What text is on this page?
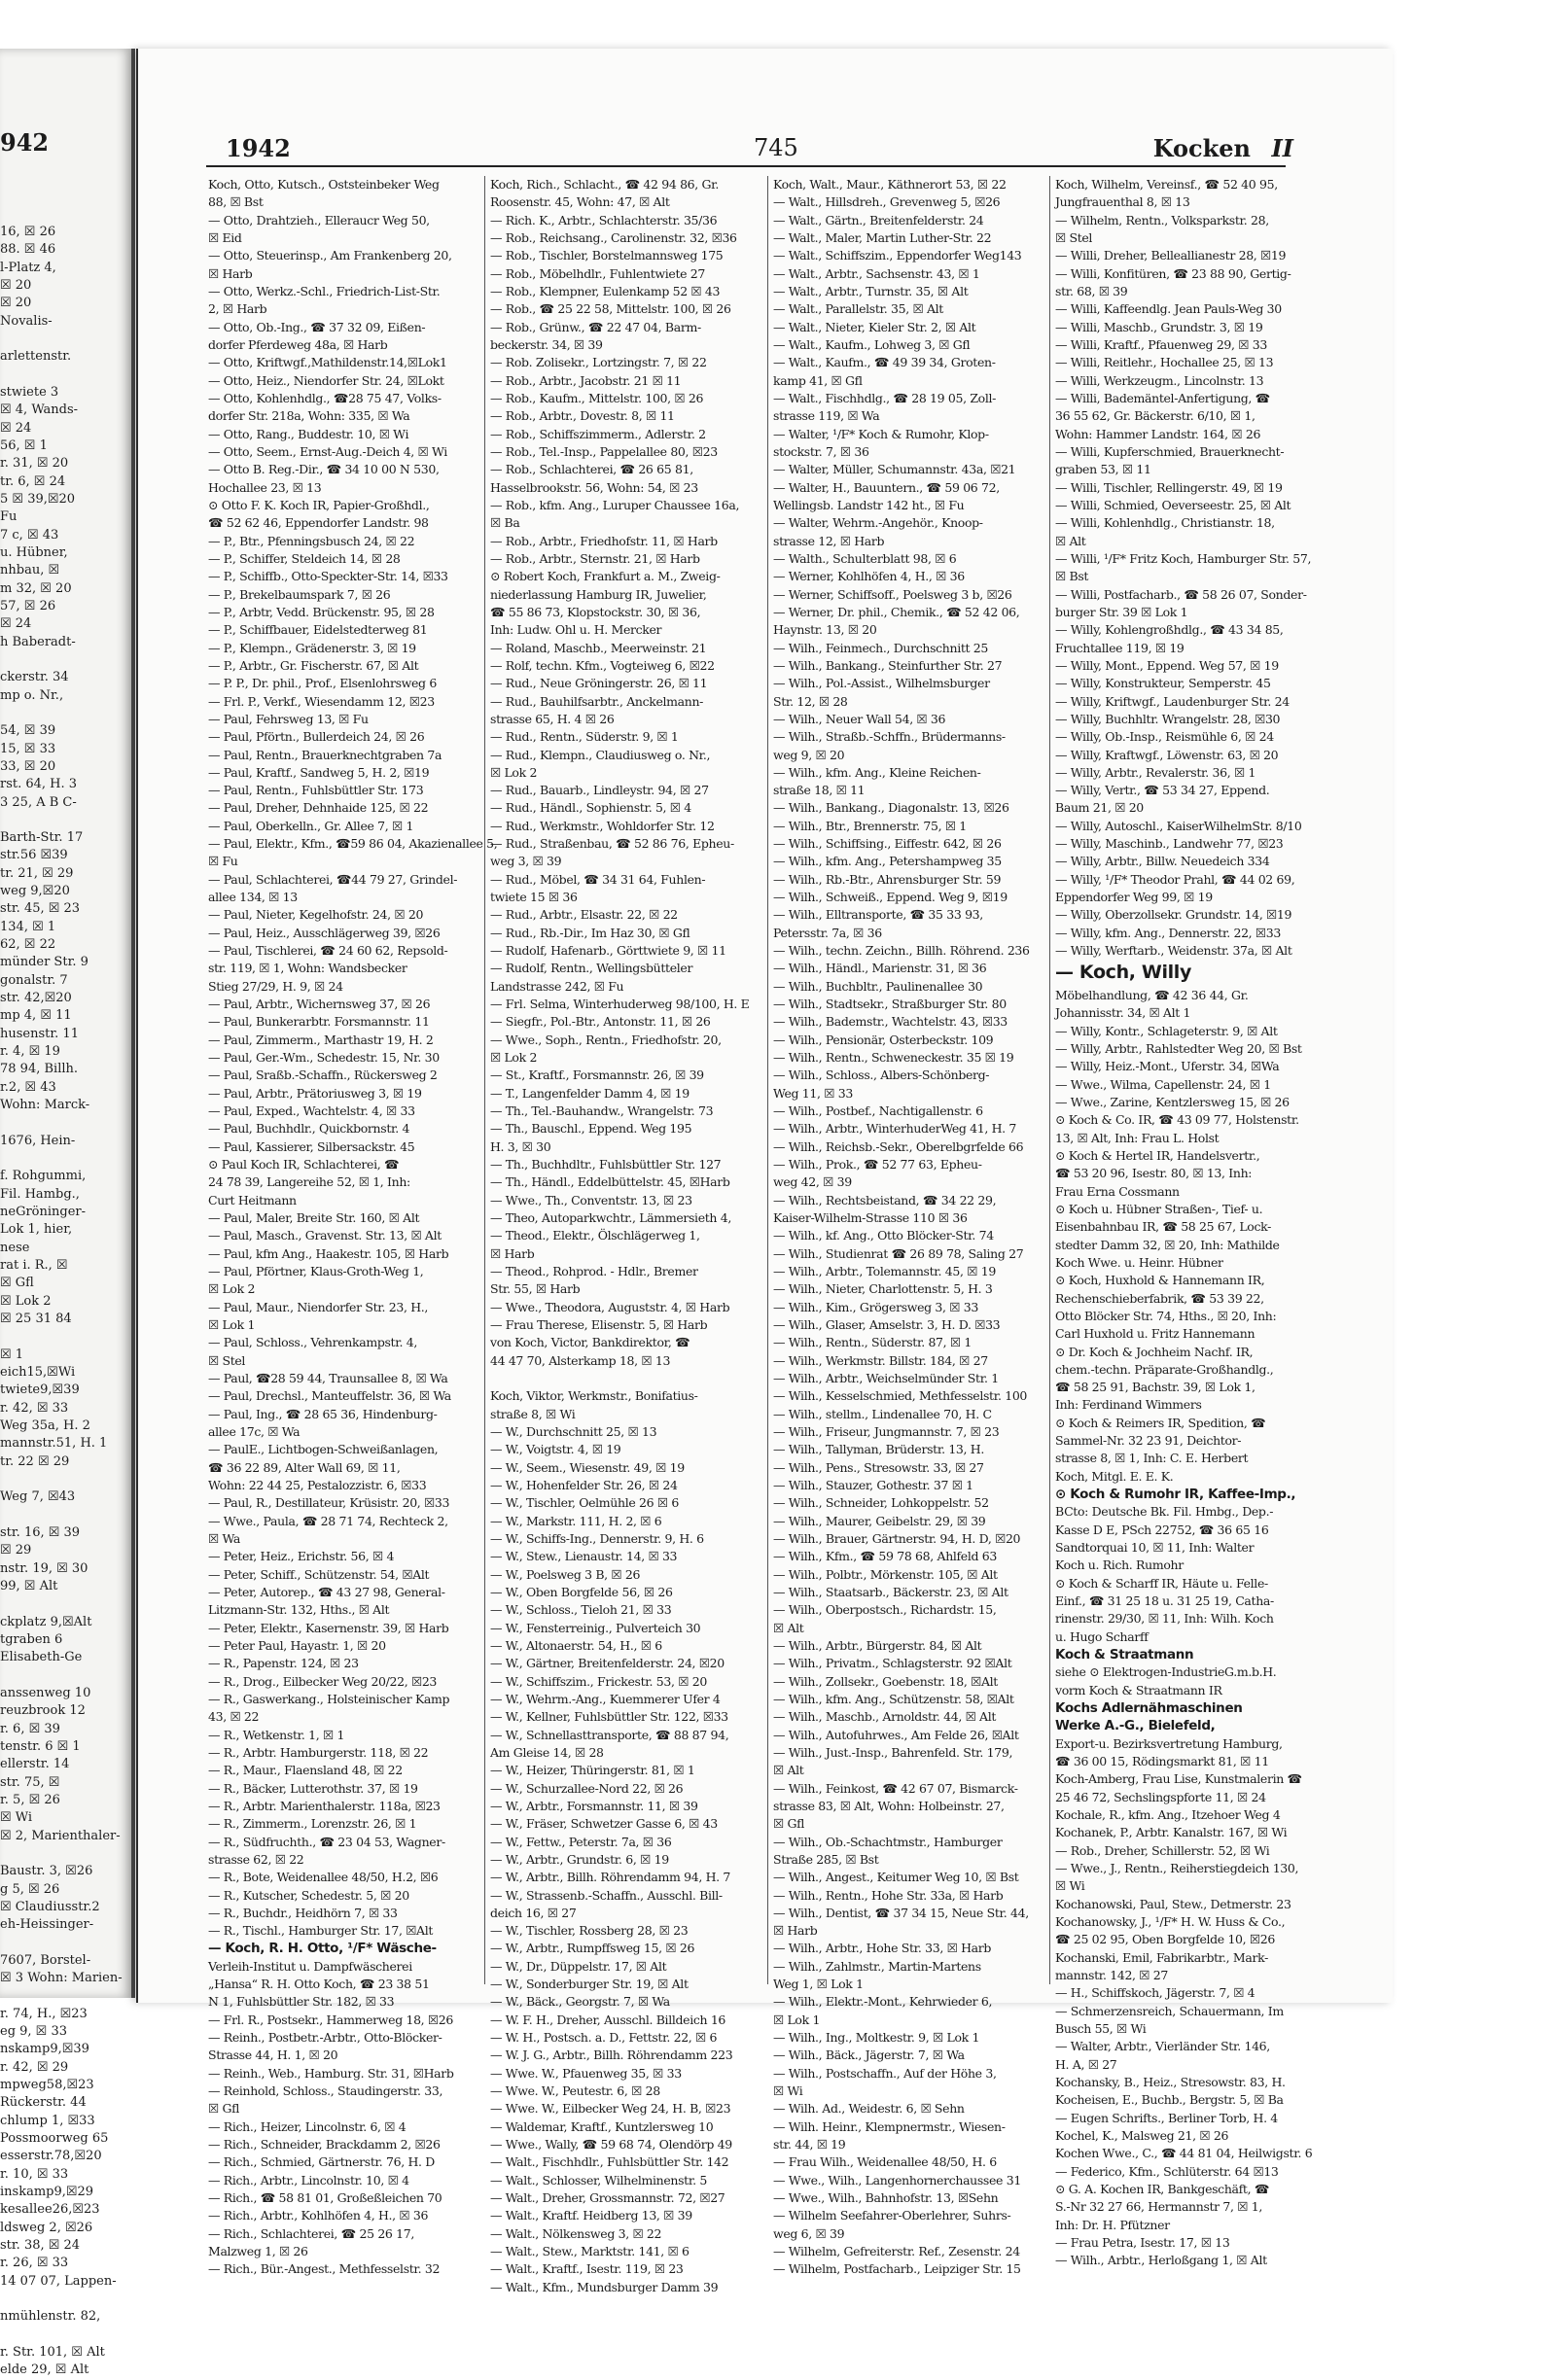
942
16, ☒ 26
88. ☒ 46
l-Platz 4,
☒ 20
☒ 20
Novalis-
arlettenstr.
stwiete 3
☒ 4, Wands-
☒ 24
56, ☒ 1
r. 31, ☒ 20
tr. 6, ☒ 24
5 ☒ 39,☒20
Fu
7 c, ☒ 43
u. Hübner,
nhbau, ☒
m 32, ☒ 20
57, ☒ 26
☒ 24
h Baberadt-
ckerstr. 34
mp o. Nr.,
54, ☒ 39
15, ☒ 33
33, ☒ 20
rst. 64, H. 3
3 25, A B C-
Barth-Str. 17
str.56 ☒39
tr. 21, ☒ 29
weg 9,☒20
str. 45, ☒ 23
134, ☒ 1
62, ☒ 22
münder Str. 9
gonalstr. 7
str. 42,☒20
mp 4, ☒ 11
husenstr. 11
r. 4, ☒ 19
78 94, Billh.
r.2, ☒ 43
Wohn: Marck-
1676, Hein-
f. Rohgummi,
Fil. Hambg.,
neGröninger-
Lok 1, hier,
nese
rat i. R., ☒
☒ Gfl
☒ Lok 2
☒ 25 31 84
☒ 1
eich15,☒Wi
twiete9,☒39
r. 42, ☒ 33
Weg 35a, H. 2
mannstr.51, H. 1
tr. 22 ☒ 29
Weg 7, ☒43
str. 16, ☒ 39
☒ 29
nstr. 19, ☒ 30
99, ☒ Alt
ckplatz 9,☒Alt
tgraben 6
Elisabeth-Ge
anssenweg 10
reuzbrook 12
r. 6, ☒ 39
tenstr. 6 ☒ 1
ellerstr. 14
str. 75, ☒
r. 5, ☒ 26
☒ Wi
☒ 2, Marienthaler-
Baustr. 3, ☒26
g 5, ☒ 26
☒ Claudiusstr.2
eh-Heissinger-
7607, Borstel-
☒ 3 Wohn: Marien-
r. 74, H., ☒23
eg 9, ☒ 33
nskamp9,☒39
r. 42, ☒ 29
mpweg58,☒23
Rückerstr. 44
chlump 1, ☒33
Possmoorweg 65
esserstr.78,☒20
r. 10, ☒ 33
inskamp9,☒29
kesallee26,☒23
ldsweg 2, ☒26
str. 38, ☒ 24
r. 26, ☒ 33
14 07 07, Lappen-
nmühlenstr. 82,
r. Str. 101, ☒ Alt
elde 29, ☒ Alt
1942	745	Kocken II
Koch, Otto, Kutsch., Oststeinbeker Weg
88, ☒ Bst
— Otto, Drahtzieh., Elleraucr Weg 50,
☒ Eid
— Otto, Steuerinsp., Am Frankenberg 20,
☒ Harb
— Otto, Werkz.-Schl., Friedrich-List-Str.
2, ☒ Harb
— Otto, Ob.-Ing., ☎ 37 32 09, Eißen-
dorfer Pferdeweg 48a, ☒ Harb
— Otto, Kriftwgf.,Mathildenstr.14,☒Lok1
— Otto, Heiz., Niendorfer Str. 24, ☒Lokt
— Otto, Kohlenhdlg., ☎28 75 47, Volks-
dorfer Str. 218a, Wohn: 335, ☒ Wa
— Otto, Rang., Buddestr. 10, ☒ Wi
— Otto, Seem., Ernst-Aug.-Deich 4, ☒ Wi
— Otto B. Reg.-Dir., ☎ 34 10 00 N 530,
Hochallee 23, ☒ 13
⊙ Otto F. K. Koch IR, Papier-Großhdl.,
☎ 52 62 46, Eppendorfer Landstr. 98
— P., Btr., Pfenningsbusch 24, ☒ 22
— P., Schiffer, Steldeich 14, ☒ 28
— P., Schiffb., Otto-Speckter-Str. 14, ☒33
— P., Brekelbaumspark 7, ☒ 26
— P., Arbtr, Vedd. Brückenstr. 95, ☒ 28
— P., Schiffbauer, Eidelstedterweg 81
— P., Klempn., Grädenerstr. 3, ☒ 19
— P., Arbtr., Gr. Fischerstr. 67, ☒ Alt
— P. P., Dr. phil., Prof., Elsenlohrsweg 6
— Frl. P., Verkf., Wiesendamm 12, ☒23
— Paul, Fehrsweg 13, ☒ Fu
— Paul, Pförtn., Bullerdeich 24, ☒ 26
— Paul, Rentn., Brauerknechtgraben 7a
— Paul, Kraftf., Sandweg 5, H. 2, ☒19
— Paul, Rentn., Fuhlsbüttler Str. 173
— Paul, Dreher, Dehnhaide 125, ☒ 22
— Paul, Oberkelln., Gr. Allee 7, ☒ 1
— Paul, Elektr., Kfm., ☎59 86 04, Akazienallee 5,
☒ Fu
— Paul, Schlachterei, ☎44 79 27, Grindel-
allee 134, ☒ 13
— Paul, Nieter, Kegelhofstr. 24, ☒ 20
— Paul, Heiz., Ausschlägerweg 39, ☒26
— Paul, Tischlerei, ☎ 24 60 62, Repsold-
str. 119, ☒ 1, Wohn: Wandsbecker
Stieg 27/29, H. 9, ☒ 24
— Paul, Arbtr., Wichernsweg 37, ☒ 26
— Paul, Bunkerarbtr. Forsmannstr. 11
— Paul, Zimmerm., Marthastr 19, H. 2
— Paul, Ger.-Wm., Schedestr. 15, Nr. 30
— Paul, Sraßb.-Schaffn., Rückersweg 2
— Paul, Arbtr., Prätoriusweg 3, ☒ 19
— Paul, Exped., Wachtelstr. 4, ☒ 33
— Paul, Buchhdlr., Quickbornstr. 4
— Paul, Kassierer, Silbersackstr. 45
⊙ Paul Koch IR, Schlachterei, ☎
24 78 39, Langereihe 52, ☒ 1, Inh:
Curt Heitmann
— Paul, Maler, Breite Str. 160, ☒ Alt
— Paul, Masch., Gravenst. Str. 13, ☒ Alt
— Paul, kfm Ang., Haakestr. 105, ☒ Harb
— Paul, Pförtner, Klaus-Groth-Weg 1,
☒ Lok 2
— Paul, Maur., Niendorfer Str. 23, H.,
☒ Lok 1
— Paul, Schloss., Vehrenkampstr. 4,
☒ Stel
— Paul, ☎28 59 44, Traunsallee 8, ☒ Wa
— Paul, Drechsl., Manteuffelstr. 36, ☒ Wa
— Paul, Ing., ☎ 28 65 36, Hindenburg-
allee 17c, ☒ Wa
— PaulE., Lichtbogen-Schweißanlagen,
☎ 36 22 89, Alter Wall 69, ☒ 11,
Wohn: 22 44 25, Pestalozzistr. 6, ☒33
— Paul, R., Destillateur, Krüsistr. 20, ☒33
— Wwe., Paula, ☎ 28 71 74, Rechteck 2,
☒ Wa
— Peter, Heiz., Erichstr. 56, ☒ 4
— Peter, Schiff., Schützenstr. 54, ☒Alt
— Peter, Autorep., ☎ 43 27 98, General-
Litzmann-Str. 132, Hths., ☒ Alt
— Peter, Elektr., Kasernenstr. 39, ☒ Harb
— Peter Paul, Hayastr. 1, ☒ 20
— R., Papenstr. 124, ☒ 23
— R., Drog., Eilbecker Weg 20/22, ☒23
— R., Gaswerkang., Holsteinischer Kamp
43, ☒ 22
— R., Wetkenstr. 1, ☒ 1
— R., Arbtr. Hamburgerstr. 118, ☒ 22
— R., Maur., Flaensland 48, ☒ 22
— R., Bäcker, Lutterothstr. 37, ☒ 19
— R., Arbtr. Marienthalerstr. 118a, ☒23
— R., Zimmerm., Lorenzstr. 26, ☒ 1
— R., Südfruchth., ☎ 23 04 53, Wagner-
strasse 62, ☒ 22
— R., Bote, Weidenallee 48/50, H.2, ☒6
— R., Kutscher, Schedestr. 5, ☒ 20
— R., Buchdr., Heidhörn 7, ☒ 33
— R., Tischl., Hamburger Str. 17, ☒Alt
— Koch, R. H. Otto, ¹/F* Wäsche-
Verleih-Institut u. Dampfwäscherei
„Hansa“ R. H. Otto Koch, ☎ 23 38 51
N 1, Fuhlsbüttler Str. 182, ☒ 33
— Frl. R., Postsekr., Hammerweg 18, ☒26
— Reinh., Postbetr.-Arbtr., Otto-Blöcker-
Strasse 44, H. 1, ☒ 20
— Reinh., Web., Hamburg. Str. 31, ☒Harb
— Reinhold, Schloss., Staudingerstr. 33,
☒ Gfl
— Rich., Heizer, Lincolnstr. 6, ☒ 4
— Rich., Schneider, Brackdamm 2, ☒26
— Rich., Schmied, Gärtnerstr. 76, H. D
— Rich., Arbtr., Lincolnstr. 10, ☒ 4
— Rich., ☎ 58 81 01, Großeßleichen 70
— Rich., Arbtr., Kohlhöfen 4, H., ☒ 36
— Rich., Schlachterei, ☎ 25 26 17,
Malzweg 1, ☒ 26
— Rich., Bür.-Angest., Methfesselstr. 32
Koch, Rich., Schlacht., ☎ 42 94 86, Gr.
Roosenstr. 45, Wohn: 47, ☒ Alt
— Rich. K., Arbtr., Schlachterstr. 35/36
— Rob., Reichsang., Carolinenstr. 32, ☒36
— Rob., Tischler, Borstelmannsweg 175
— Rob., Möbelhdlr., Fuhlentwiete 27
— Rob., Klempner, Eulenkamp 52 ☒ 43
— Rob., ☎ 25 22 58, Mittelstr. 100, ☒ 26
— Rob., Grünw., ☎ 22 47 04, Barm-
beckerstr. 34, ☒ 39
— Rob. Zolisekr., Lortzingstr. 7, ☒ 22
— Rob., Arbtr., Jacobstr. 21 ☒ 11
— Rob., Kaufm., Mittelstr. 100, ☒ 26
— Rob., Arbtr., Dovestr. 8, ☒ 11
— Rob., Schiffszimmerm., Adlerstr. 2
— Rob., Tel.-Insp., Pappelallee 80, ☒23
— Rob., Schlachterei, ☎ 26 65 81,
Hasselbrookstr. 56, Wohn: 54, ☒ 23
— Rob., kfm. Ang., Luruper Chaussee 16a,
☒ Ba
— Rob., Arbtr., Friedhofstr. 11, ☒ Harb
— Rob., Arbtr., Sternstr. 21, ☒ Harb
⊙ Robert Koch, Frankfurt a. M., Zweig-
niederlassung Hamburg IR, Juwelier,
☎ 55 86 73, Klopstockstr. 30, ☒ 36,
Inh: Ludw. Ohl u. H. Mercker
— Roland, Maschb., Meerweinstr. 21
— Rolf, techn. Kfm., Vogteiweg 6, ☒22
— Rud., Neue Gröningerstr. 26, ☒ 11
— Rud., Bauhilfsarbtr., Anckelmann-
strasse 65, H. 4 ☒ 26
— Rud., Rentn., Süderstr. 9, ☒ 1
— Rud., Klempn., Claudiusweg o. Nr.,
☒ Lok 2
— Rud., Bauarb., Lindleystr. 94, ☒ 27
— Rud., Händl., Sophienstr. 5, ☒ 4
— Rud., Werkmstr., Wohldorfer Str. 12
— Rud., Straßenbau, ☎ 52 86 76, Epheu-
weg 3, ☒ 39
— Rud., Möbel, ☎ 34 31 64, Fuhlen-
twiete 15 ☒ 36
— Rud., Arbtr., Elsastr. 22, ☒ 22
— Rud., Rb.-Dir., Im Haz 30, ☒ Gfl
— Rudolf, Hafenarb., Görttwiete 9, ☒ 11
— Rudolf, Rentn., Wellingsbütteler
Landstrasse 242, ☒ Fu
— Frl. Selma, Winterhuderweg 98/100, H. E
— Siegfr., Pol.-Btr., Antonstr. 11, ☒ 26
— Wwe., Soph., Rentn., Friedhofstr. 20,
☒ Lok 2
— St., Kraftf., Forsmannstr. 26, ☒ 39
— T., Langenfelder Damm 4, ☒ 19
— Th., Tel.-Bauhandw., Wrangelstr. 73
— Th., Bauschl., Eppend. Weg 195
H. 3, ☒ 30
— Th., Buchhdltr., Fuhlsbüttler Str. 127
— Th., Händl., Eddelbüttelstr. 45, ☒Harb
— Wwe., Th., Conventstr. 13, ☒ 23
— Theo, Autoparkwchtr., Lämmersieth 4,
— Theod., Elektr., Ölschlägerweg 1,
☒ Harb
— Theod., Rohprod. - Hdlr., Bremer
Str. 55, ☒ Harb
— Wwe., Theodora, Auguststr. 4, ☒ Harb
— Frau Therese, Elisenstr. 5, ☒ Harb
von Koch, Victor, Bankdirektor, ☎
44 47 70, Alsterkamp 18, ☒ 13
Koch, Viktor, Werkmstr., Bonifatius-
straße 8, ☒ Wi
— W., Durchschnitt 25, ☒ 13
— W., Voigtstr. 4, ☒ 19
— W., Seem., Wiesenstr. 49, ☒ 19
— W., Hohenfelder Str. 26, ☒ 24
— W., Tischler, Oelmühle 26 ☒ 6
— W., Markstr. 111, H. 2, ☒ 6
— W., Schiffs-Ing., Dennerstr. 9, H. 6
— W., Stew., Lienaustr. 14, ☒ 33
— W., Poelsweg 3 B, ☒ 26
— W., Oben Borgfelde 56, ☒ 26
— W., Schloss., Tieloh 21, ☒ 33
— W., Fensterreinig., Pulverteich 30
— W., Altonaerstr. 54, H., ☒ 6
— W., Gärtner, Breitenfelderstr. 24, ☒20
— W., Schiffszim., Frickestr. 53, ☒ 20
— W., Wehrm.-Ang., Kuemmerer Ufer 4
— W., Kellner, Fuhlsbüttler Str. 122, ☒33
— W., Schnellasttransporte, ☎ 88 87 94,
Am Gleise 14, ☒ 28
— W., Heizer, Thüringerstr. 81, ☒ 1
— W., Schurzallee-Nord 22, ☒ 26
— W., Arbtr., Forsmannstr. 11, ☒ 39
— W., Fräser, Schwetzer Gasse 6, ☒ 43
— W., Fettw., Peterstr. 7a, ☒ 36
— W., Arbtr., Grundstr. 6, ☒ 19
— W., Arbtr., Billh. Röhrendamm 94, H. 7
— W., Strassenb.-Schaffn., Ausschl. Bill-
deich 16, ☒ 27
— W., Tischler, Rossberg 28, ☒ 23
— W., Arbtr., Rumpffsweg 15, ☒ 26
— W., Dr., Düppelstr. 17, ☒ Alt
— W., Sonderburger Str. 19, ☒ Alt
— W., Bäck., Georgstr. 7, ☒ Wa
— W. F. H., Dreher, Ausschl. Billdeich 16
— W. H., Postsch. a. D., Fettstr. 22, ☒ 6
— W. J. G., Arbtr., Billh. Röhrendamm 223
— Wwe. W., Pfauenweg 35, ☒ 33
— Wwe. W., Peutestr. 6, ☒ 28
— Wwe. W., Eilbecker Weg 24, H. B, ☒23
— Waldemar, Kraftf., Kuntzlersweg 10
— Wwe., Wally, ☎ 59 68 74, Olendörp 49
— Walt., Fischhdlr., Fuhlsbüttler Str. 142
— Walt., Schlosser, Wilhelminenstr. 5
— Walt., Dreher, Grossmannstr. 72, ☒27
— Walt., Kraftf. Heidberg 13, ☒ 39
— Walt., Nölkensweg 3, ☒ 22
— Walt., Stew., Marktstr. 141, ☒ 6
— Walt., Kraftf., Isestr. 119, ☒ 23
— Walt., Kfm., Mundsburger Damm 39
Koch, Walt., Maur., Käthnerort 53, ☒ 22
— Walt., Hillsdreh., Grevenweg 5, ☒26
— Walt., Gärtn., Breitenfelderstr. 24
— Walt., Maler, Martin Luther-Str. 22
— Walt., Schiffszim., Eppendorfer Weg143
— Walt., Arbtr., Sachsenstr. 43, ☒ 1
— Walt., Arbtr., Turnstr. 35, ☒ Alt
— Walt., Parallelstr. 35, ☒ Alt
— Walt., Nieter, Kieler Str. 2, ☒ Alt
— Walt., Kaufm., Lohweg 3, ☒ Gfl
— Walt., Kaufm., ☎ 49 39 34, Groten-
kamp 41, ☒ Gfl
— Walt., Fischhdlg., ☎ 28 19 05, Zoll-
strasse 119, ☒ Wa
— Walter, ¹/F* Koch & Rumohr, Klop-
stockstr. 7, ☒ 36
— Walter, Müller, Schumannstr. 43a, ☒21
— Walter, H., Bauuntern., ☎ 59 06 72,
Wellingsb. Landstr 142 ht., ☒ Fu
— Walter, Wehrm.-Angehör., Knoop-
strasse 12, ☒ Harb
— Walth., Schulterblatt 98, ☒ 6
— Werner, Kohlhöfen 4, H., ☒ 36
— Werner, Schiffsoff., Poelsweg 3 b, ☒26
— Werner, Dr. phil., Chemik., ☎ 52 42 06,
Haynstr. 13, ☒ 20
— Wilh., Feinmech., Durchschnitt 25
— Wilh., Bankang., Steinfurther Str. 27
— Wilh., Pol.-Assist., Wilhelmsburger
Str. 12, ☒ 28
— Wilh., Neuer Wall 54, ☒ 36
— Wilh., Straßb.-Schffn., Brüdermanns-
weg 9, ☒ 20
— Wilh., kfm. Ang., Kleine Reichen-
straße 18, ☒ 11
— Wilh., Bankang., Diagonalstr. 13, ☒26
— Wilh., Btr., Brennerstr. 75, ☒ 1
— Wilh., Schiffsing., Eiffestr. 642, ☒ 26
— Wilh., kfm. Ang., Petershampweg 35
— Wilh., Rb.-Btr., Ahrensburger Str. 59
— Wilh., Schweiß., Eppend. Weg 9, ☒19
— Wilh., Elltransporte, ☎ 35 33 93,
Petersstr. 7a, ☒ 36
— Wilh., techn. Zeichn., Billh. Röhrend. 236
— Wilh., Händl., Marienstr. 31, ☒ 36
— Wilh., Buchbltr., Paulinenallee 30
— Wilh., Stadtsekr., Straßburger Str. 80
— Wilh., Bademstr., Wachtelstr. 43, ☒33
— Wilh., Pensionär, Osterbeckstr. 109
— Wilh., Rentn., Schweneckestr. 35 ☒ 19
— Wilh., Schloss., Albers-Schönberg-
Weg 11, ☒ 33
— Wilh., Postbef., Nachtigallenstr. 6
— Wilh., Arbtr., WinterhuderWeg 41, H. 7
— Wilh., Reichsb.-Sekr., Oberelbgrfelde 66
— Wilh., Prok., ☎ 52 77 63, Epheu-
weg 42, ☒ 39
— Wilh., Rechtsbeistand, ☎ 34 22 29,
Kaiser-Wilhelm-Strasse 110 ☒ 36
— Wilh., kf. Ang., Otto Blöcker-Str. 74
— Wilh., Studienrat ☎ 26 89 78, Saling 27
— Wilh., Arbtr., Tolemannstr. 45, ☒ 19
— Wilh., Nieter, Charlottenstr. 5, H. 3
— Wilh., Kim., Grögersweg 3, ☒ 33
— Wilh., Glaser, Amselstr. 3, H. D. ☒33
— Wilh., Rentn., Süderstr. 87, ☒ 1
— Wilh., Werkmstr. Billstr. 184, ☒ 27
— Wilh., Arbtr., Weichselmünder Str. 1
— Wilh., Kesselschmied, Methfesselstr. 100
— Wilh., stellm., Lindenallee 70, H. C
— Wilh., Friseur, Jungmannstr. 7, ☒ 23
— Wilh., Tallyman, Brüderstr. 13, H.
— Wilh., Pens., Stresowstr. 33, ☒ 27
— Wilh., Stauzer, Gothestr. 37 ☒ 1
— Wilh., Schneider, Lohkoppelstr. 52
— Wilh., Maurer, Geibelstr. 29, ☒ 39
— Wilh., Brauer, Gärtnerstr. 94, H. D, ☒20
— Wilh., Kfm., ☎ 59 78 68, Ahlfeld 63
— Wilh., Polbtr., Mörkenstr. 105, ☒ Alt
— Wilh., Staatsarb., Bäckerstr. 23, ☒ Alt
— Wilh., Oberpostsch., Richardstr. 15,
☒ Alt
— Wilh., Arbtr., Bürgerstr. 84, ☒ Alt
— Wilh., Privatm., Schlagsterstr. 92 ☒Alt
— Wilh., Zollsekr., Goebenstr. 18, ☒Alt
— Wilh., kfm. Ang., Schützenstr. 58, ☒Alt
— Wilh., Maschb., Arnoldstr. 44, ☒ Alt
— Wilh., Autofuhrwes., Am Felde 26, ☒Alt
— Wilh., Just.-Insp., Bahrenfeld. Str. 179,
☒ Alt
— Wilh., Feinkost, ☎ 42 67 07, Bismarck-
strasse 83, ☒ Alt, Wohn: Holbeinstr. 27,
☒ Gfl
— Wilh., Ob.-Schachtmstr., Hamburger
Straße 285, ☒ Bst
— Wilh., Angest., Keitumer Weg 10, ☒ Bst
— Wilh., Rentn., Hohe Str. 33a, ☒ Harb
— Wilh., Dentist, ☎ 37 34 15, Neue Str. 44,
☒ Harb
— Wilh., Arbtr., Hohe Str. 33, ☒ Harb
— Wilh., Zahlmstr., Martin-Martens
Weg 1, ☒ Lok 1
— Wilh., Elektr.-Mont., Kehrwieder 6,
☒ Lok 1
— Wilh., Ing., Moltkestr. 9, ☒ Lok 1
— Wilh., Bäck., Jägerstr. 7, ☒ Wa
— Wilh., Postschaffn., Auf der Höhe 3,
☒ Wi
— Wilh. Ad., Weidestr. 6, ☒ Sehn
— Wilh. Heinr., Klempnermstr., Wiesen-
str. 44, ☒ 19
— Frau Wilh., Weidenallee 48/50, H. 6
— Wwe., Wilh., Langenhornerchaussee 31
— Wwe., Wilh., Bahnhofstr. 13, ☒Sehn
— Wilhelm Seefahrer-Oberlehrer, Suhrs-
weg 6, ☒ 39
— Wilhelm, Gefreiterstr. Ref., Zesenstr. 24
— Wilhelm, Postfacharb., Leipziger Str. 15
Koch, Wilhelm, Vereinsf., ☎ 52 40 95,
Jungfrauenthal 8, ☒ 13
— Wilhelm, Rentn., Volksparkstr. 28,
☒ Stel
— Willi, Dreher, Belleallianestr 28, ☒19
— Willi, Konfitüren, ☎ 23 88 90, Gertig-
str. 68, ☒ 39
— Willi, Kaffeendlg. Jean Pauls-Weg 30
— Willi, Maschb., Grundstr. 3, ☒ 19
— Willi, Kraftf., Pfauenweg 29, ☒ 33
— Willi, Reitlehr., Hochallee 25, ☒ 13
— Willi, Werkzeugm., Lincolnstr. 13
— Willi, Bademäntel-Anfertigung, ☎
36 55 62, Gr. Bäckerstr. 6/10, ☒ 1,
Wohn: Hammer Landstr. 164, ☒ 26
— Willi, Kupferschmied, Brauerknecht-
graben 53, ☒ 11
— Willi, Tischler, Rellingerstr. 49, ☒ 19
— Willi, Schmied, Oeverseestr. 25, ☒ Alt
— Willi, Kohlenhdlg., Christianstr. 18,
☒ Alt
— Willi, ¹/F* Fritz Koch, Hamburger Str. 57,
☒ Bst
— Willi, Postfacharb., ☎ 58 26 07, Sonder-
burger Str. 39 ☒ Lok 1
— Willy, Kohlengroßhdlg., ☎ 43 34 85,
Fruchtallee 119, ☒ 19
— Willy, Mont., Eppend. Weg 57, ☒ 19
— Willy, Konstrukteur, Semperstr. 45
— Willy, Kriftwgf., Laudenburger Str. 24
— Willy, Buchhltr. Wrangelstr. 28, ☒30
— Willy, Ob.-Insp., Reismühle 6, ☒ 24
— Willy, Kraftwgf., Löwenstr. 63, ☒ 20
— Willy, Arbtr., Revalerstr. 36, ☒ 1
— Willy, Vertr., ☎ 53 34 27, Eppend.
Baum 21, ☒ 20
— Willy, Autoschl., KaiserWilhelmStr. 8/10
— Willy, Maschinb., Landwehr 77, ☒23
— Willy, Arbtr., Billw. Neuedeich 334
— Willy, ¹/F* Theodor Prahl, ☎ 44 02 69,
Eppendorfer Weg 99, ☒ 19
— Willy, Oberzollsekr. Grundstr. 14, ☒19
— Willy, kfm. Ang., Dennerstr. 22, ☒33
— Willy, Werftarb., Weidenstr. 37a, ☒ Alt
— Koch, Willy
Möbelhandlung, ☎ 42 36 44, Gr.
Johannisstr. 34, ☒ Alt 1
— Willy, Kontr., Schlageterstr. 9, ☒ Alt
— Willy, Arbtr., Rahlstedter Weg 20, ☒ Bst
— Willy, Heiz.-Mont., Uferstr. 34, ☒Wa
— Wwe., Wilma, Capellenstr. 24, ☒ 1
— Wwe., Zarine, Kentzlersweg 15, ☒ 26
⊙ Koch & Co. IR, ☎ 43 09 77, Holstenstr.
13, ☒ Alt, Inh: Frau L. Holst
⊙ Koch & Hertel IR, Handelsvertr.,
☎ 53 20 96, Isestr. 80, ☒ 13, Inh:
Frau Erna Cossmann
⊙ Koch u. Hübner Straßen-, Tief- u.
Eisenbahnbau IR, ☎ 58 25 67, Lock-
stedter Damm 32, ☒ 20, Inh: Mathilde
Koch Wwe. u. Heinr. Hübner
⊙ Koch, Huxhold & Hannemann IR,
Rechenschieberfabrik, ☎ 53 39 22,
Otto Blöcker Str. 74, Hths., ☒ 20, Inh:
Carl Huxhold u. Fritz Hannemann
⊙ Dr. Koch & Jochheim Nachf. IR,
chem.-techn. Präparate-Großhandlg.,
☎ 58 25 91, Bachstr. 39, ☒ Lok 1,
Inh: Ferdinand Wimmers
⊙ Koch & Reimers IR, Spedition, ☎
Sammel-Nr. 32 23 91, Deichtor-
strasse 8, ☒ 1, Inh: C. E. Herbert
Koch, Mitgl. E. E. K.
⊙ Koch & Rumohr IR, Kaffee-Imp.,
BCto: Deutsche Bk. Fil. Hmbg., Dep.-
Kasse D E, PSch 22752, ☎ 36 65 16
Sandtorquai 10, ☒ 11, Inh: Walter
Koch u. Rich. Rumohr
⊙ Koch & Scharff IR, Häute u. Felle-
Einf., ☎ 31 25 18 u. 31 25 19, Catha-
rinenstr. 29/30, ☒ 11, Inh: Wilh. Koch
u. Hugo Scharff
Koch & Straatmann
siehe ⊙ Elektrogen-IndustrieG.m.b.H.
vorm Koch & Straatmann IR
Kochs Adlernähmaschinen
Werke A.-G., Bielefeld,
Export-u. Bezirksvertretung Hamburg,
☎ 36 00 15, Rödingsmarkt 81, ☒ 11
Koch-Amberg, Frau Lise, Kunstmalerin ☎
25 46 72, Sechslingspforte 11, ☒ 24
Kochale, R., kfm. Ang., Itzehoer Weg 4
Kochanek, P., Arbtr. Kanalstr. 167, ☒ Wi
— Rob., Dreher, Schillerstr. 52, ☒ Wi
— Wwe., J., Rentn., Reiherstiegdeich 130,
☒ Wi
Kochanowski, Paul, Stew., Detmerstr. 23
Kochanowsky, J., ¹/F* H. W. Huss & Co.,
☎ 25 02 95, Oben Borgfelde 10, ☒26
Kochanski, Emil, Fabrikarbtr., Mark-
mannstr. 142, ☒ 27
— H., Schiffskoch, Jägerstr. 7, ☒ 4
— Schmerzensreich, Schauermann, Im
Busch 55, ☒ Wi
— Walter, Arbtr., Vierländer Str. 146,
H. A, ☒ 27
Kochansky, B., Heiz., Stresowstr. 83, H.
Kocheisen, E., Buchb., Bergstr. 5, ☒ Ba
— Eugen Schrifts., Berliner Torb, H. 4
Kochel, K., Malsweg 21, ☒ 26
Kochen Wwe., C., ☎ 44 81 04, Heilwigstr. 6
— Federico, Kfm., Schlüterstr. 64 ☒13
⊙ G. A. Kochen IR, Bankgeschäft, ☎
S.-Nr 32 27 66, Hermannstr 7, ☒ 1,
Inh: Dr. H. Pfützner
— Frau Petra, Isestr. 17, ☒ 13
— Wilh., Arbtr., Herloßgang 1, ☒ Alt
